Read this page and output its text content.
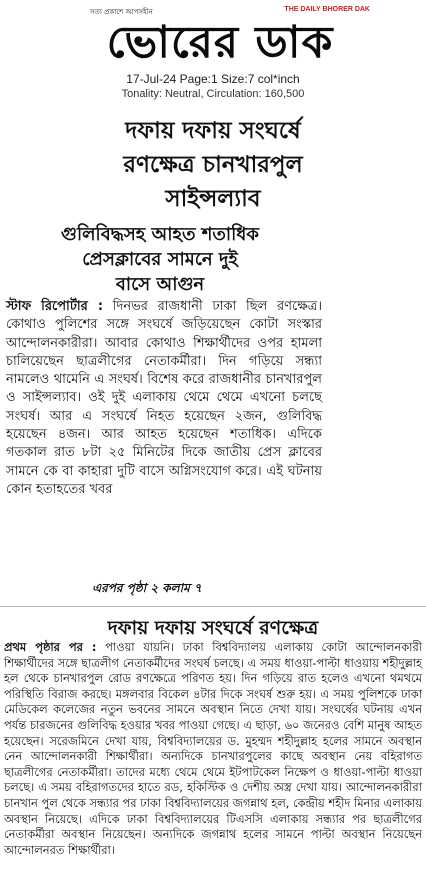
সত্য প্রকাশে আপসহীন	THE DAILY BHORER DAK
ভোরের ডাক
17-Jul-24 Page:1 Size:7 col*inch
Tonality: Neutral, Circulation: 160,500
দফায় দফায় সংঘর্ষে
রণক্ষেত্র চানখারপুল
সাইন্সল্যাব
গুলিবিদ্ধসহ আহত শতাধিক
প্রেসক্লাবের সামনে দুই
বাসে আগুন
স্টাফ রিপোর্টার : দিনভর রাজধানী ঢাকা ছিল রণক্ষেত্র। কোথাও পুলিশের সঙ্গে সংঘর্ষে জড়িয়েছেন কোটা সংস্কার আন্দোলনকারীরা। আবার কোথাও শিক্ষার্থীদের ওপর হামলা চালিয়েছেন ছাত্রলীগের নেতাকর্মীরা। দিন গড়িয়ে সন্ধ্যা নামলেও থামেনি এ সংঘর্ষ। বিশেষ করে রাজধানীর চানখারপুল ও সাইন্সল্যাব। ওই দুই এলাকায় থেমে থেমে এখনো চলছে সংঘর্ষ। আর এ সংঘর্ষে নিহত হয়েছেন ২জন, গুলিবিদ্ধ হয়েছেন ৪জন। আর আহত হয়েছেন শতাধিক। এদিকে গতকাল রাত ৮টা ২৫ মিনিটের দিকে জাতীয় প্রেস ক্লাবের সামনে কে বা কাহারা দুটি বাসে অগ্নিসংযোগ করে। এই ঘটনায় কোন হতাহতের খবর
এরপর পৃষ্ঠা ২ কলাম ৭
দফায় দফায় সংঘর্ষে রণক্ষেত্র
প্রথম পৃষ্ঠার পর : পাওয়া যায়নি। ঢাকা বিশ্ববিদ্যালয় এলাকায় কোটা আন্দোলনকারী শিক্ষার্থীদের সঙ্গে ছাত্রলীগ নেতাকর্মীদের সংঘর্ষ চলছে। এ সময় ধাওয়া-পাল্টা ধাওয়ায় শহীদুল্লাহ হল থেকে চানখারপুল রোড রণক্ষেত্রে পরিণত হয়। দিন গড়িয়ে রাত হলেও এখনো থমথমে পরিস্থিতি বিরাজ করছে। মঙ্গলবার বিকেল ৪টার দিকে সংঘর্ষ শুরু হয়। এ সময় পুলিশকে ঢাকা মেডিকেল কলেজের নতুন ভবনের সামনে অবস্থান নিতে দেখা যায়। সংঘর্ষের ঘটনায় এখন পর্যন্ত চারজনের গুলিবিদ্ধ হওয়ার খবর পাওয়া গেছে। এ ছাড়া, ৬০ জনেরও বেশি মানুষ আহত হয়েছেন। সরেজমিনে দেখা যায়, বিশ্ববিদ্যালয়ের ড. মুহম্মদ শহীদুল্লাহ হলের সামনে অবস্থান নেন আন্দোলনকারী শিক্ষার্থীরা। অন্যদিকে চানখারপুলের কাছে অবস্থান নেয় বহিরাগত ছাত্রলীগের নেতাকর্মীরা। তাদের মধ্যে থেমে থেমে ইটপাটকেল নিক্ষেপ ও ধাওয়া-পাল্টা ধাওয়া চলছে। এ সময় বহিরাগতদের হাতে রড, হকিস্টিক ও দেশীয় অস্ত্র দেখা যায়। আন্দোলনকারীরা চানখান পুল থেকে সন্ধ্যার পর ঢাকা বিশ্ববিদ্যালয়ের জগন্নাথ হল, কেন্দ্রীয় শহীদ মিনার এলাকায় অবস্থান নিয়েছে। এদিকে ঢাকা বিশ্ববিদ্যালয়ের টিএসসি এলাকায় সন্ধ্যার পর ছাত্রলীগের নেতাকর্মীরা অবস্থান নিয়েছেন। অন্যদিকে জগন্নাথ হলের সামনে পাল্টা অবস্থান নিয়েছেন আন্দোলনরত শিক্ষার্থীরা।
